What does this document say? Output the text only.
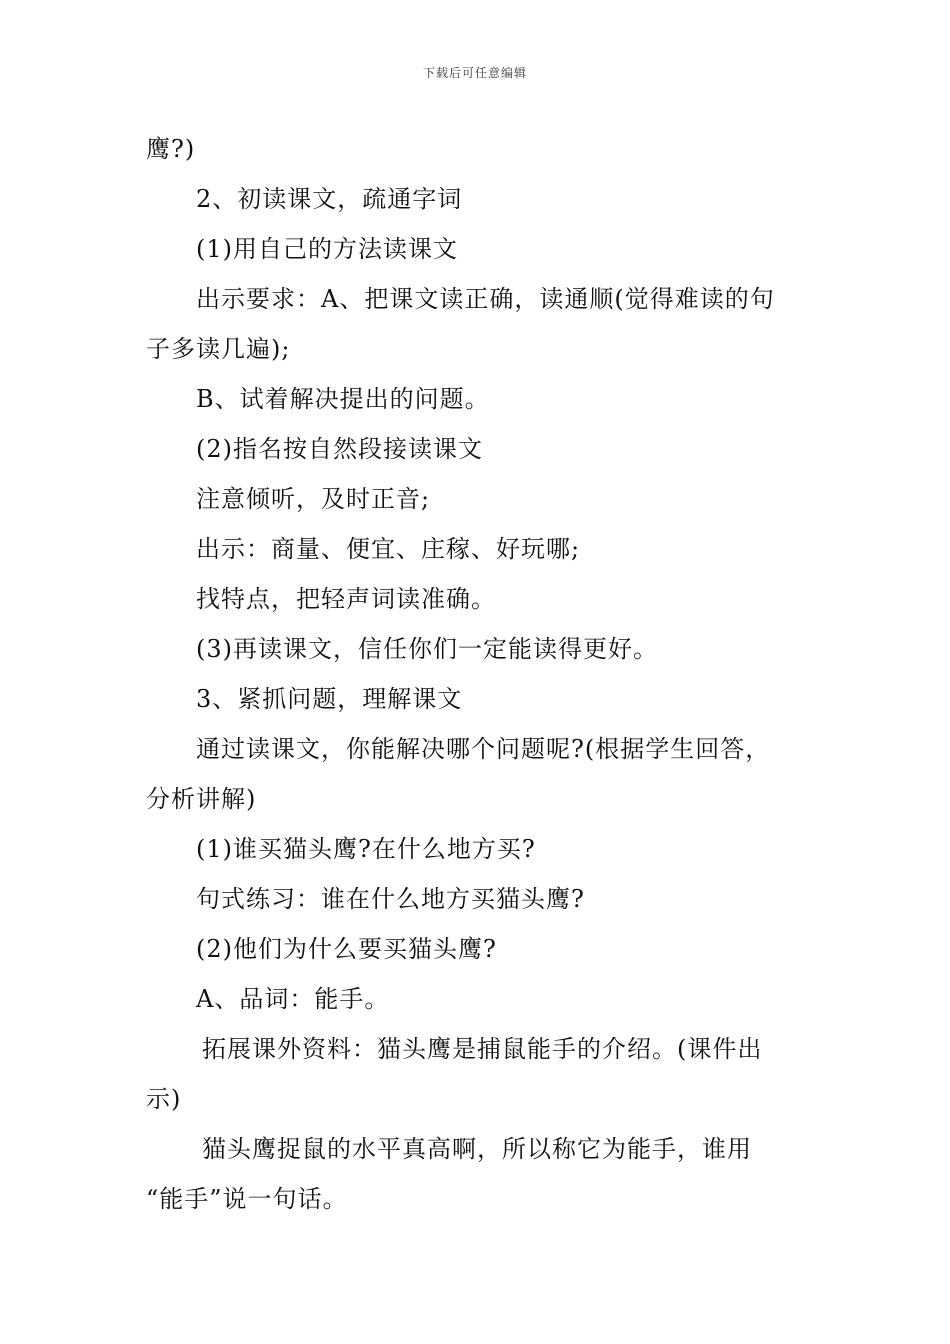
下载后可任意编辑

鹰?)

2、初读课文，疏通字词

(1)用自己的方法读课文

出示要求：A、把课文读正确，读通顺(觉得难读的句

子多读几遍);

B、试着解决提出的问题。

(2)指名按自然段接读课文

注意倾听，及时正音;

出示：商量、便宜、庄稼、好玩哪;

找特点，把轻声词读准确。

(3)再读课文，信任你们一定能读得更好。

3、紧抓问题，理解课文

通过读课文，你能解决哪个问题呢?(根据学生回答，

分析讲解)

(1)谁买猫头鹰?在什么地方买?

句式练习：谁在什么地方买猫头鹰?

(2)他们为什么要买猫头鹰?

A、品词：能手。

拓展课外资料：猫头鹰是捕鼠能手的介绍。(课件出

示)

猫头鹰捉鼠的水平真高啊，所以称它为能手，谁用

“能手”说一句话。
